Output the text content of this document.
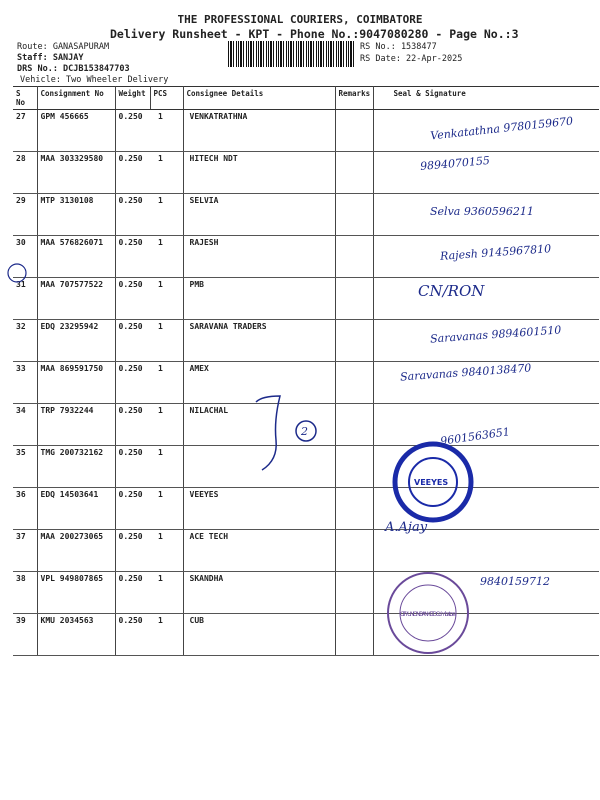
THE PROFESSIONAL COURIERS, COIMBATORE
Delivery Runsheet - KPT - Phone No.:9047080280 - Page No.:3
Route: GANASAPURAM
Staff: SANJAY
DRS No.: DCJB153847703
Vehicle: Two Wheeler Delivery
RS No.: 1538477
RS Date: 22-Apr-2025
S No	Consignment No	Weight	PCS	Consignee Details	Remarks	Seal & Signature
27	GPM 456665	0.250	1	VENKATRATHNA		
28	MAA 303329580	0.250	1	HITECH NDT		
29	MTP 3130108	0.250	1	SELVIA		
30	MAA 576826071	0.250	1	RAJESH		
31	MAA 707577522	0.250	1	PMB		
32	EDQ 23295942	0.250	1	SARAVANA TRADERS		
33	MAA 869591750	0.250	1	AMEX		
34	TRP 7932244	0.250	1	NILACHAL		
35	TMG 200732162	0.250	1			
36	EDQ 14503641	0.250	1	VEEYES		
37	MAA 200273065	0.250	1	ACE TECH		
38	VPL 949807865	0.250	1	SKANDHA		
39	KMU 2034563	0.250	1	CUB		
2
VEEYES
CITY UNION BANK LTD Coimbatore
Venkatathna 9780159670
9894070155
Selva 9360596211
Rajesh 9145967810
CN/RON
Saravanas 9894601510
Saravanas 9840138470
9601563651
A.Ajay
9840159712
